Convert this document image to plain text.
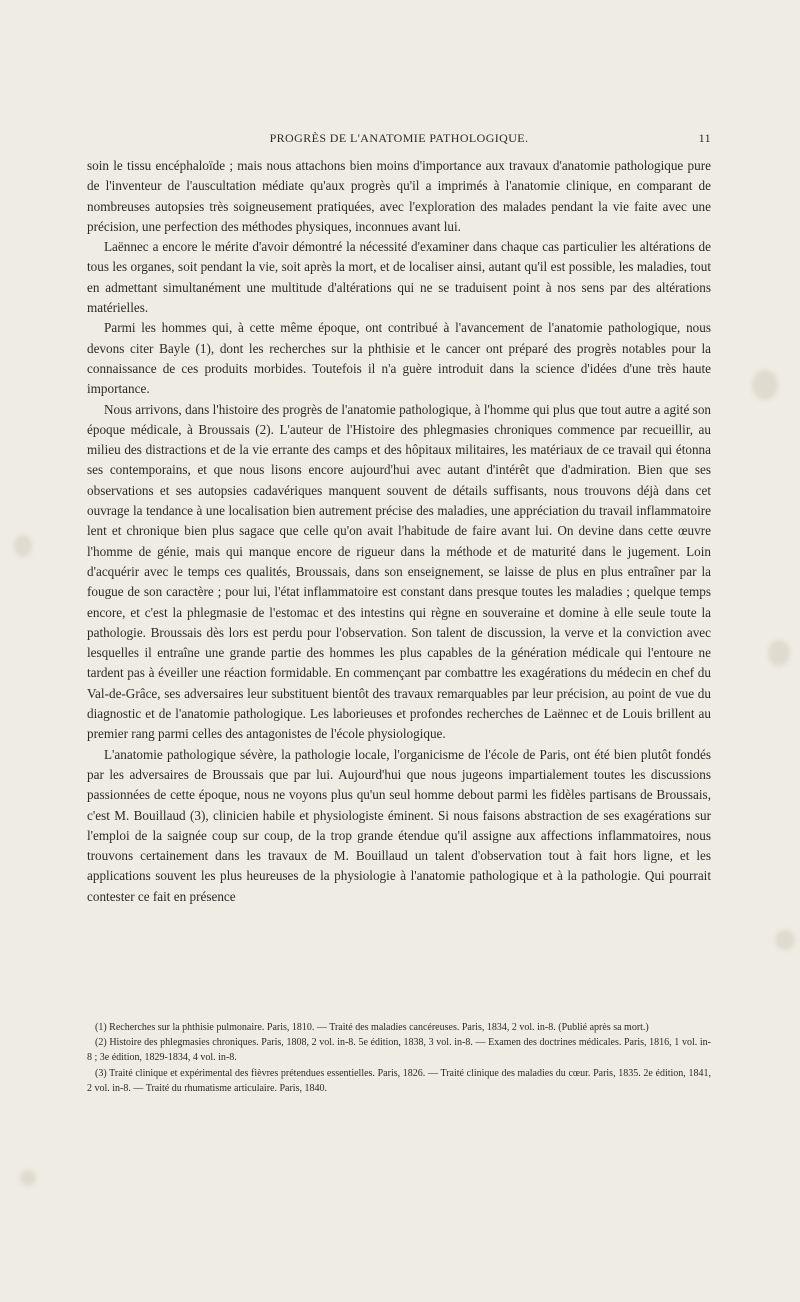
PROGRÈS DE L'ANATOMIE PATHOLOGIQUE.	11

soin le tissu encéphaloïde ; mais nous attachons bien moins d'importance aux travaux d'anatomie pathologique pure de l'inventeur de l'auscultation médiate qu'aux progrès qu'il a imprimés à l'anatomie clinique, en comparant de nombreuses autopsies très soigneusement pratiquées, avec l'exploration des malades pendant la vie faite avec une précision, une perfection des méthodes physiques, inconnues avant lui.

Laënnec a encore le mérite d'avoir démontré la nécessité d'examiner dans chaque cas particulier les altérations de tous les organes, soit pendant la vie, soit après la mort, et de localiser ainsi, autant qu'il est possible, les maladies, tout en admettant simultanément une multitude d'altérations qui ne se traduisent point à nos sens par des altérations matérielles.

Parmi les hommes qui, à cette même époque, ont contribué à l'avancement de l'anatomie pathologique, nous devons citer Bayle (1), dont les recherches sur la phthisie et le cancer ont préparé des progrès notables pour la connaissance de ces produits morbides. Toutefois il n'a guère introduit dans la science d'idées d'une très haute importance.

Nous arrivons, dans l'histoire des progrès de l'anatomie pathologique, à l'homme qui plus que tout autre a agité son époque médicale, à Broussais (2). L'auteur de l'Histoire des phlegmasies chroniques commence par recueillir, au milieu des distractions et de la vie errante des camps et des hôpitaux militaires, les matériaux de ce travail qui étonna ses contemporains, et que nous lisons encore aujourd'hui avec autant d'intérêt que d'admiration. Bien que ses observations et ses autopsies cadavériques manquent souvent de détails suffisants, nous trouvons déjà dans cet ouvrage la tendance à une localisation bien autrement précise des maladies, une appréciation du travail inflammatoire lent et chronique bien plus sagace que celle qu'on avait l'habitude de faire avant lui. On devine dans cette œuvre l'homme de génie, mais qui manque encore de rigueur dans la méthode et de maturité dans le jugement. Loin d'acquérir avec le temps ces qualités, Broussais, dans son enseignement, se laisse de plus en plus entraîner par la fougue de son caractère ; pour lui, l'état inflammatoire est constant dans presque toutes les maladies ; quelque temps encore, et c'est la phlegmasie de l'estomac et des intestins qui règne en souveraine et domine à elle seule toute la pathologie. Broussais dès lors est perdu pour l'observation. Son talent de discussion, la verve et la conviction avec lesquelles il entraîne une grande partie des hommes les plus capables de la génération médicale qui l'entoure ne tardent pas à éveiller une réaction formidable. En commençant par combattre les exagérations du médecin en chef du Val-de-Grâce, ses adversaires leur substituent bientôt des travaux remarquables par leur précision, au point de vue du diagnostic et de l'anatomie pathologique. Les laborieuses et profondes recherches de Laënnec et de Louis brillent au premier rang parmi celles des antagonistes de l'école physiologique.

L'anatomie pathologique sévère, la pathologie locale, l'organicisme de l'école de Paris, ont été bien plutôt fondés par les adversaires de Broussais que par lui. Aujourd'hui que nous jugeons impartialement toutes les discussions passionnées de cette époque, nous ne voyons plus qu'un seul homme debout parmi les fidèles partisans de Broussais, c'est M. Bouillaud (3), clinicien habile et physiologiste éminent. Si nous faisons abstraction de ses exagérations sur l'emploi de la saignée coup sur coup, de la trop grande étendue qu'il assigne aux affections inflammatoires, nous trouvons certainement dans les travaux de M. Bouillaud un talent d'observation tout à fait hors ligne, et les applications souvent les plus heureuses de la physiologie à l'anatomie pathologique et à la pathologie. Qui pourrait contester ce fait en présence

(1) Recherches sur la phthisie pulmonaire. Paris, 1810. — Traité des maladies cancéreuses. Paris, 1834, 2 vol. in-8. (Publié après sa mort.)

(2) Histoire des phlegmasies chroniques. Paris, 1808, 2 vol. in-8. 5e édition, 1838, 3 vol. in-8. — Examen des doctrines médicales. Paris, 1816, 1 vol. in-8 ; 3e édition, 1829-1834, 4 vol. in-8.

(3) Traité clinique et expérimental des fièvres prétendues essentielles. Paris, 1826. — Traité clinique des maladies du cœur. Paris, 1835. 2e édition, 1841, 2 vol. in-8. — Traité du rhumatisme articulaire. Paris, 1840.
